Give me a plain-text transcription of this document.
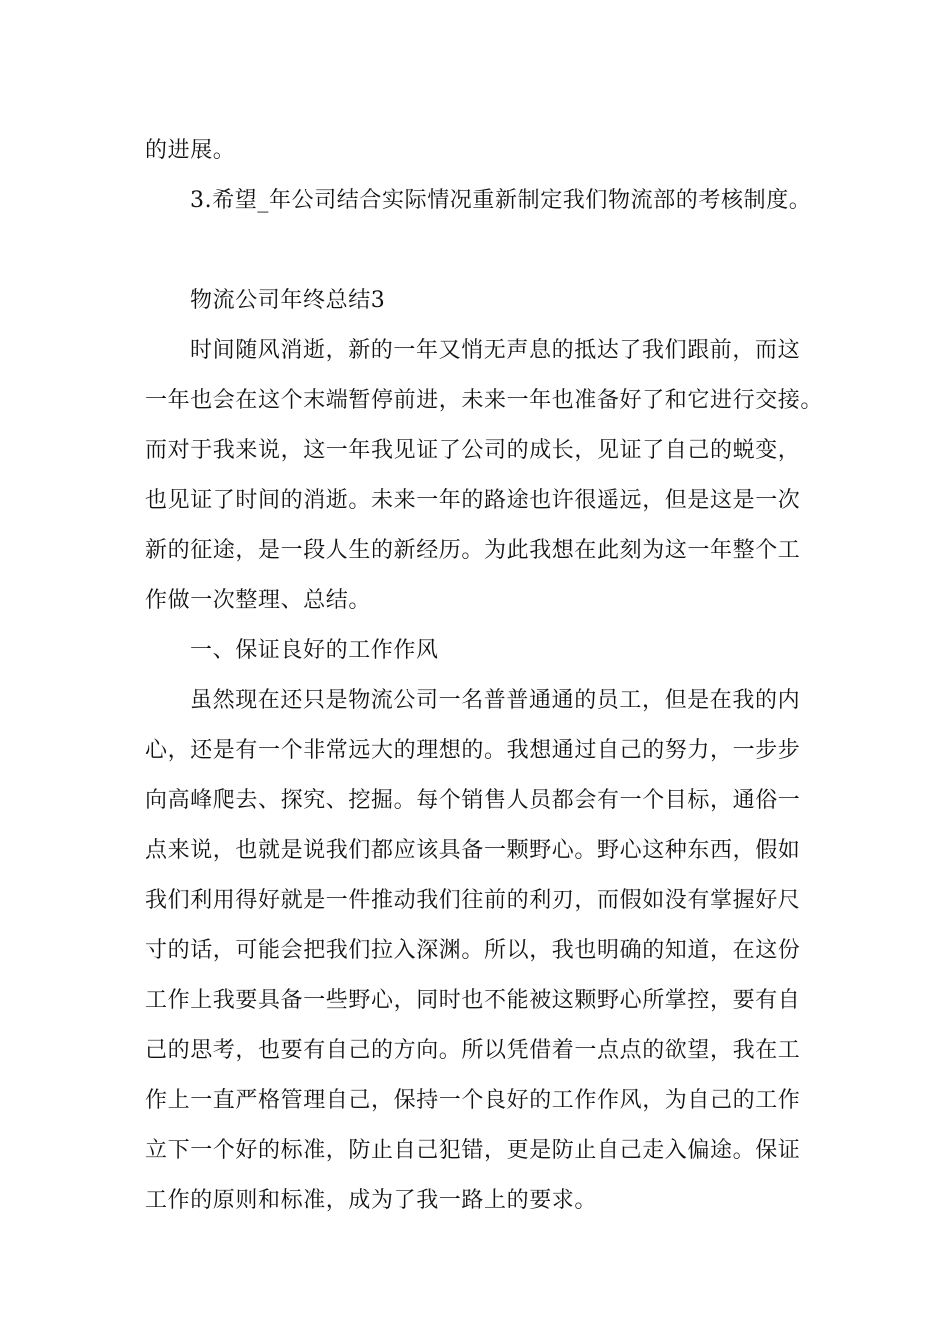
的进展。
3.希望_年公司结合实际情况重新制定我们物流部的考核制度。
物流公司年终总结3
时间随风消逝，新的一年又悄无声息的抵达了我们跟前，而这
一年也会在这个末端暂停前进，未来一年也准备好了和它进行交接。
而对于我来说，这一年我见证了公司的成长，见证了自己的蜕变，
也见证了时间的消逝。未来一年的路途也许很遥远，但是这是一次
新的征途，是一段人生的新经历。为此我想在此刻为这一年整个工
作做一次整理、总结。
一、保证良好的工作作风
虽然现在还只是物流公司一名普普通通的员工，但是在我的内
心，还是有一个非常远大的理想的。我想通过自己的努力，一步步
向高峰爬去、探究、挖掘。每个销售人员都会有一个目标，通俗一
点来说，也就是说我们都应该具备一颗野心。野心这种东西，假如
我们利用得好就是一件推动我们往前的利刃，而假如没有掌握好尺
寸的话，可能会把我们拉入深渊。所以，我也明确的知道，在这份
工作上我要具备一些野心，同时也不能被这颗野心所掌控，要有自
己的思考，也要有自己的方向。所以凭借着一点点的欲望，我在工
作上一直严格管理自己，保持一个良好的工作作风，为自己的工作
立下一个好的标准，防止自己犯错，更是防止自己走入偏途。保证
工作的原则和标准，成为了我一路上的要求。
